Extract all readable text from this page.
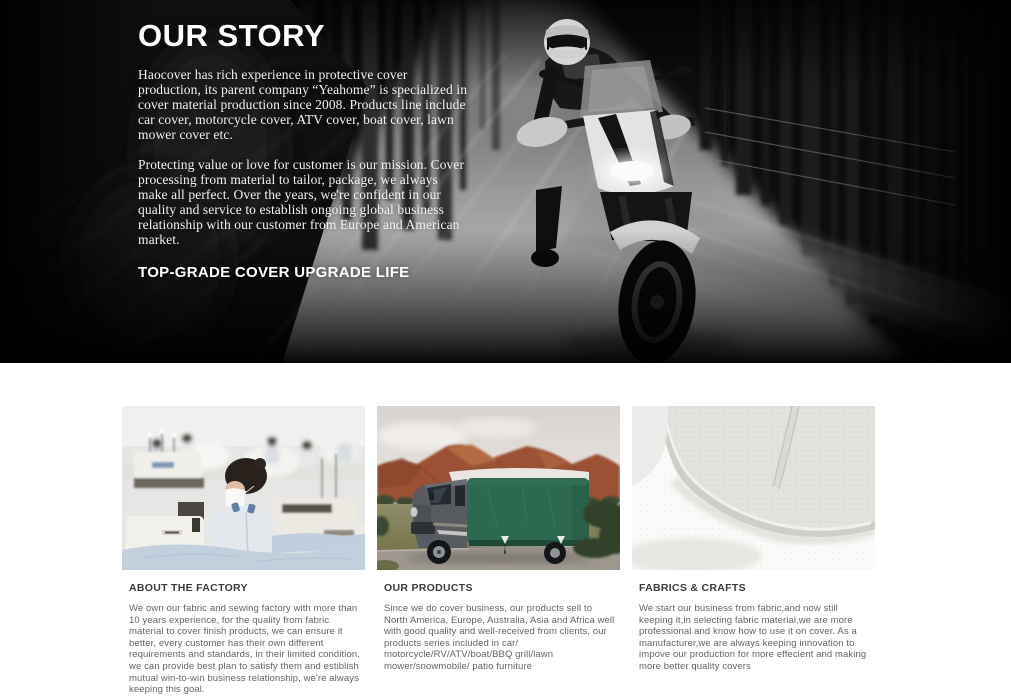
OUR STORY

Haocover has rich experience in protective cover production, its parent company “Yeahome” is specialized in cover material production since 2008. Products line include car cover, motorcycle cover, ATV cover, boat cover, lawn mower cover etc.

Protecting value or love for customer is our mission. Cover processing from material to tailor, package, we always make all perfect. Over the years, we're confident in our quality and service to establish ongoing global business relationship with our customer from Europe and American market.

TOP-GRADE COVER UPGRADE LIFE
ABOUT THE FACTORY

We own our fabric and sewing factory with more than 10 years experience, for the quality from fabric material to cover finish products, we can ensure it better, every customer has their own different requirements and standards, in their limited condition, we can provide best plan to satisfy them and estiblish mutual win-to-win business relationship, we're always keeping this goal.

OUR PRODUCTS

Since we do cover business, our products sell to North America, Europe, Australia, Asia and Africa well with good quality and well-received from clients, our products series included in car/ motorcycle/RV/ATV/boat/BBQ grill/lawn mower/snowmobile/ patio furniture

FABRICS & CRAFTS

We start our business from fabric,and now still keeping it,in selecting fabric material,we are more professional and know how to use it on cover. As a manufacturer,we are always keeping innovation to impove our production for more effecient and making more better quality covers
